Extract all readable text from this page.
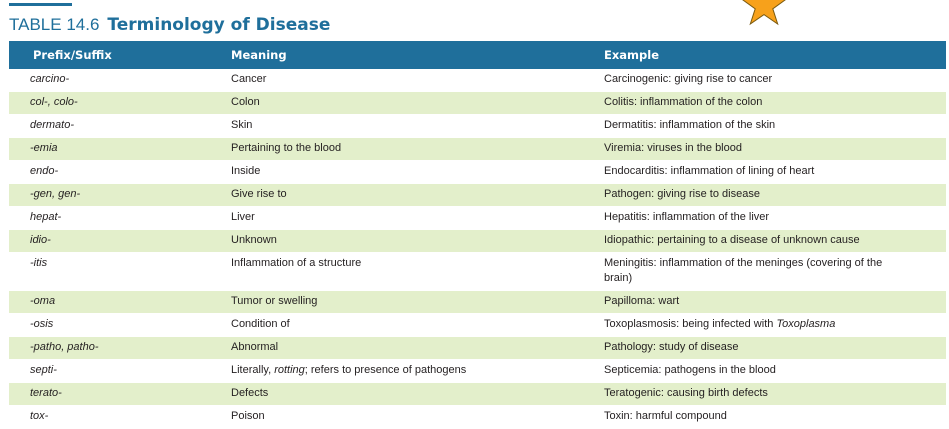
TABLE 14.6 Terminology of Disease
Prefix/Suffix	Meaning	Example
carcino-	Cancer	Carcinogenic: giving rise to cancer
col-, colo-	Colon	Colitis: inflammation of the colon
dermato-	Skin	Dermatitis: inflammation of the skin
-emia	Pertaining to the blood	Viremia: viruses in the blood
endo-	Inside	Endocarditis: inflammation of lining of heart
-gen, gen-	Give rise to	Pathogen: giving rise to disease
hepat-	Liver	Hepatitis: inflammation of the liver
idio-	Unknown	Idiopathic: pertaining to a disease of unknown cause
-itis	Inflammation of a structure	Meningitis: inflammation of the meninges (covering of the brain)
-oma	Tumor or swelling	Papilloma: wart
-osis	Condition of	Toxoplasmosis: being infected with Toxoplasma
-patho, patho-	Abnormal	Pathology: study of disease
septi-	Literally, rotting; refers to presence of pathogens	Septicemia: pathogens in the blood
terato-	Defects	Teratogenic: causing birth defects
tox-	Poison	Toxin: harmful compound
